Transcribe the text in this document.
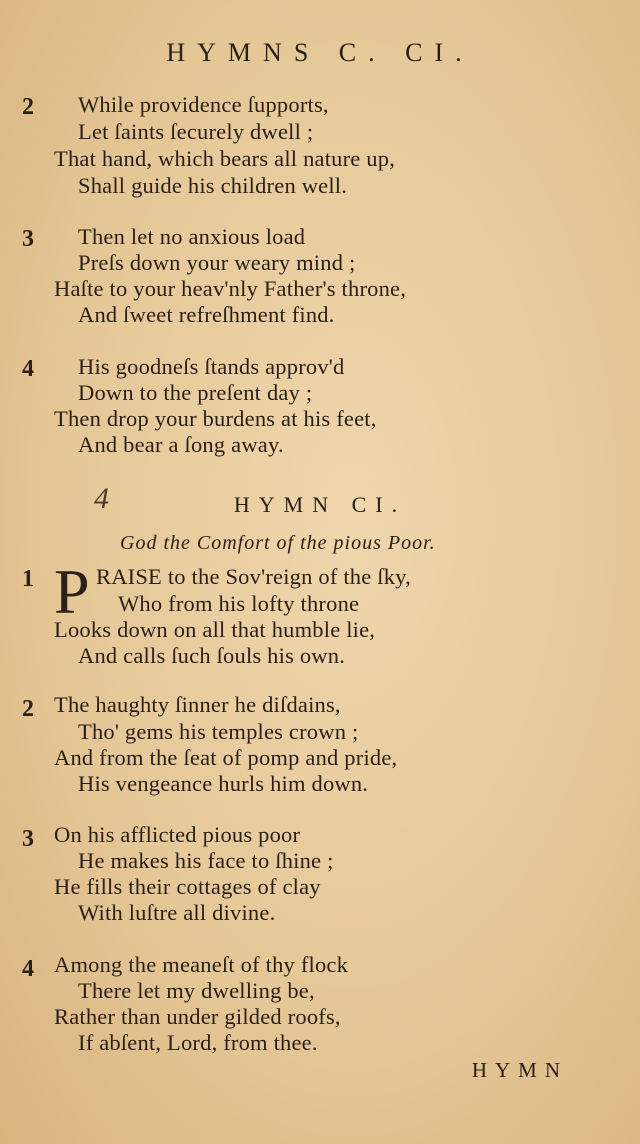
HYMNS C. CI.
2 While providence ſupports,
Let ſaints ſecurely dwell ;
That hand, which bears all nature up,
Shall guide his children well.
3 Then let no anxious load
Preſs down your weary mind ;
Haſte to your heav'nly Father's throne,
And ſweet refreſhment find.
4 His goodneſs ſtands approv'd
Down to the preſent day ;
Then drop your burdens at his feet,
And bear a ſong away.
4	HYMN CI.
God the Comfort of the pious Poor.
1 P RAISE to the Sov'reign of the ſky,
Who from his lofty throne
Looks down on all that humble lie,
And calls ſuch ſouls his own.
2 The haughty ſinner he diſdains,
Tho' gems his temples crown ;
And from the ſeat of pomp and pride,
His vengeance hurls him down.
3 On his afflicted pious poor
He makes his face to ſhine ;
He fills their cottages of clay
With luſtre all divine.
4 Among the meaneſt of thy flock
There let my dwelling be,
Rather than under gilded roofs,
If abſent, Lord, from thee.
HYMN
